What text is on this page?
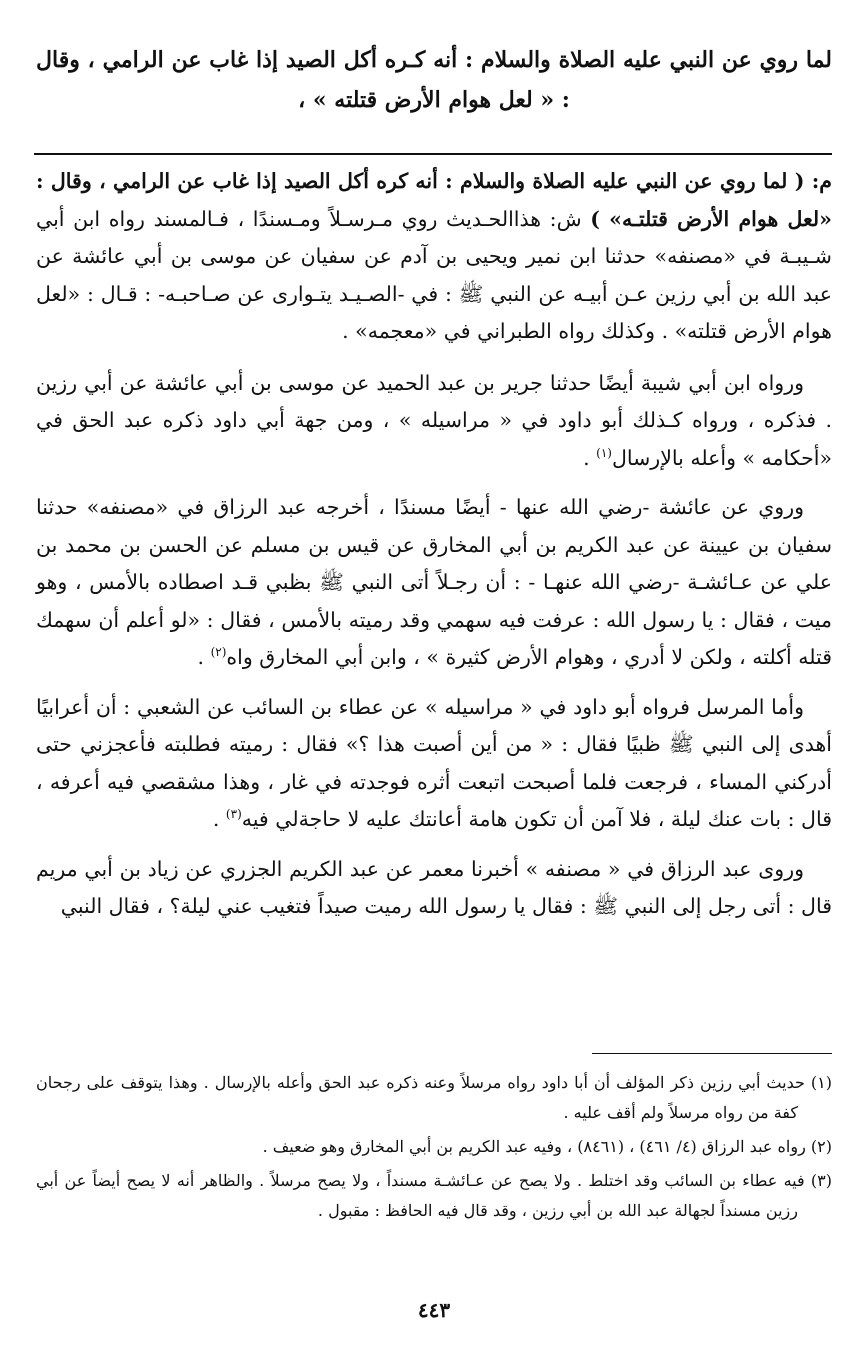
لما روي عن النبي عليه الصلاة والسلام : أنه كـره أكل الصيد إذا غاب عن الرامي ، وقال : « لعل هوام الأرض قتلته » ،

م: ( لما روي عن النبي عليه الصلاة والسلام : أنه كره أكل الصيد إذا غاب عن الرامي ، وقال : «لعل هوام الأرض قتلتـه» ) ش: هذاالحـديث روي مـرسـلاً ومـسندًا ، فـالمسند رواه ابن أبي شـيبـة في «مصنفه» حدثنا ابن نمير ويحيى بن آدم عن سفيان عن موسى بن أبي عائشة عن عبد الله بن أبي رزين عـن أبيـه عن النبي ﷺ : في -الصـيـد يتـوارى عن صـاحبـه- : قـال : «لعل هوام الأرض قتلته» . وكذلك رواه الطبراني في «معجمه» .

ورواه ابن أبي شيبة أيضًا حدثنا جرير بن عبد الحميد عن موسى بن أبي عائشة عن أبي رزين . فذكره ، ورواه كـذلك أبو داود في « مراسيله » ، ومن جهة أبي داود ذكره عبد الحق في «أحكامه » وأعله بالإرسال$^{(١)}$ .

وروي عن عائشة -رضي الله عنها - أيضًا مسندًا ، أخرجه عبد الرزاق في «مصنفه» حدثنا سفيان بن عيينة عن عبد الكريم بن أبي المخارق عن قيس بن مسلم عن الحسن بن محمد بن علي عن عـائشـة -رضي الله عنهـا - : أن رجـلاً أتى النبي ﷺ بظبي قـد اصطاده بالأمس ، وهو ميت ، فقال : يا رسول الله : عرفت فيه سهمي وقد رميته بالأمس ، فقال : «لو أعلم أن سهمك قتله أكلته ، ولكن لا أدري ، وهوام الأرض كثيرة » ، وابن أبي المخارق واه$^{(٢)}$ .

وأما المرسل فرواه أبو داود في « مراسيله » عن عطاء بن السائب عن الشعبي : أن أعرابيًا أهدى إلى النبي ﷺ ظبيًا فقال : « من أين أصبت هذا ؟» فقال : رميته فطلبته فأعجزني حتى أدركني المساء ، فرجعت فلما أصبحت اتبعت أثره فوجدته في غار ، وهذا مشقصي فيه أعرفه ، قال : بات عنك ليلة ، فلا آمن أن تكون هامة أعانتك عليه لا حاجةلي فيه$^{(٣)}$ .

وروى عبد الرزاق في « مصنفه » أخبرنا معمر عن عبد الكريم الجزري عن زياد بن أبي مريم قال : أتى رجل إلى النبي ﷺ : فقال يا رسول الله رميت صيداً فتغيب عني ليلة؟ ، فقال النبي

(١) حديث أبي رزين ذكر المؤلف أن أبا داود رواه مرسلاً وعنه ذكره عبد الحق وأعله بالإرسال . وهذا يتوقف على رجحان كفة من رواه مرسلاً ولم أقف عليه .

(٢) رواه عبد الرزاق (٤/ ٤٦١) ، (٨٤٦١) ، وفيه عبد الكريم بن أبي المخارق وهو ضعيف .

(٣) فيه عطاء بن السائب وقد اختلط . ولا يصح عن عـائشـة مسنداً ، ولا يصح مرسلاً . والظاهر أنه لا يصح أيضاً عن أبي رزين مسنداً لجهالة عبد الله بن أبي رزين ، وقد قال فيه الحافظ : مقبول .

٤٤٣
